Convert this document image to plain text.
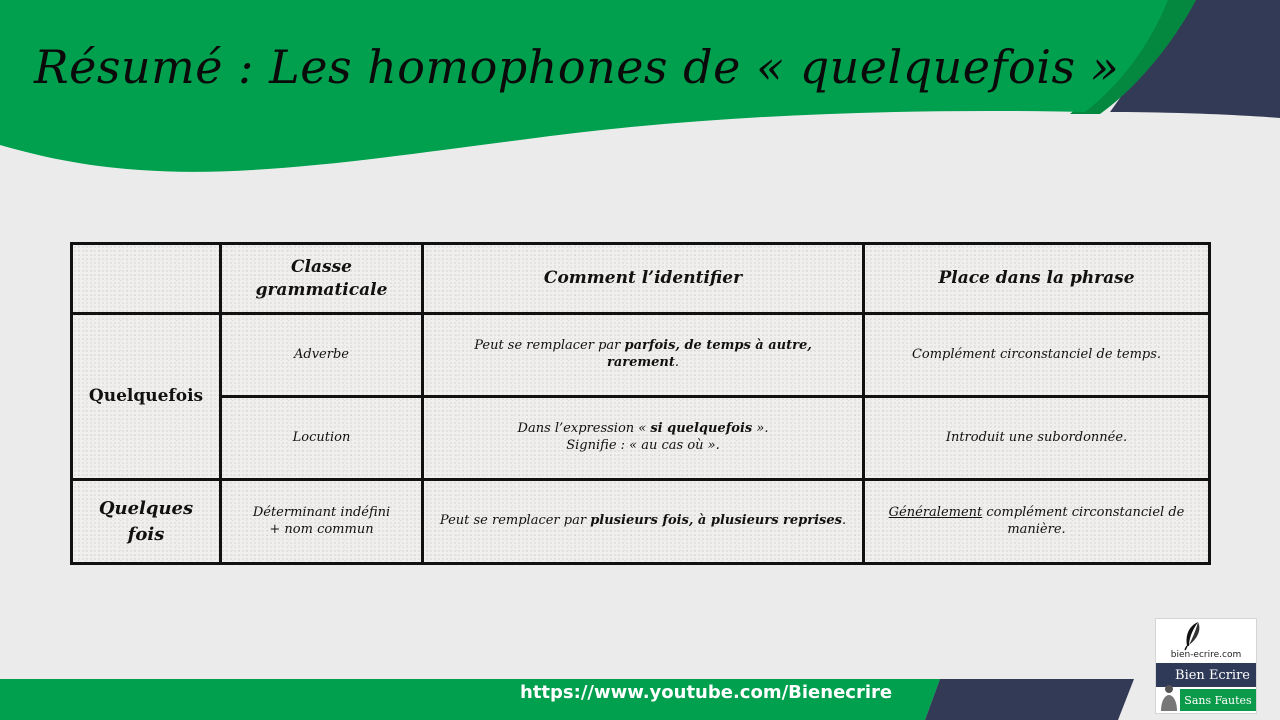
Résumé : Les homophones de « quelquefois »
Classe
grammaticale
Comment l’identifier	Place dans la phrase
Quelquefois
Adverbe
Peut se remplacer par parfois, de temps à autre, rarement.
Complément circonstanciel de temps.
Locution
Dans l’expression « si quelquefois ».
Signifie : « au cas où ».
Introduit une subordonnée.
Quelques
fois
Déterminant indéfini
+ nom commun
Peut se remplacer par plusieurs fois, à plusieurs reprises.
Généralement complément circonstanciel de manière.
https://www.youtube.com/Bienecrire
bien-ecrire.com
Bien Ecrire
Sans Fautes
